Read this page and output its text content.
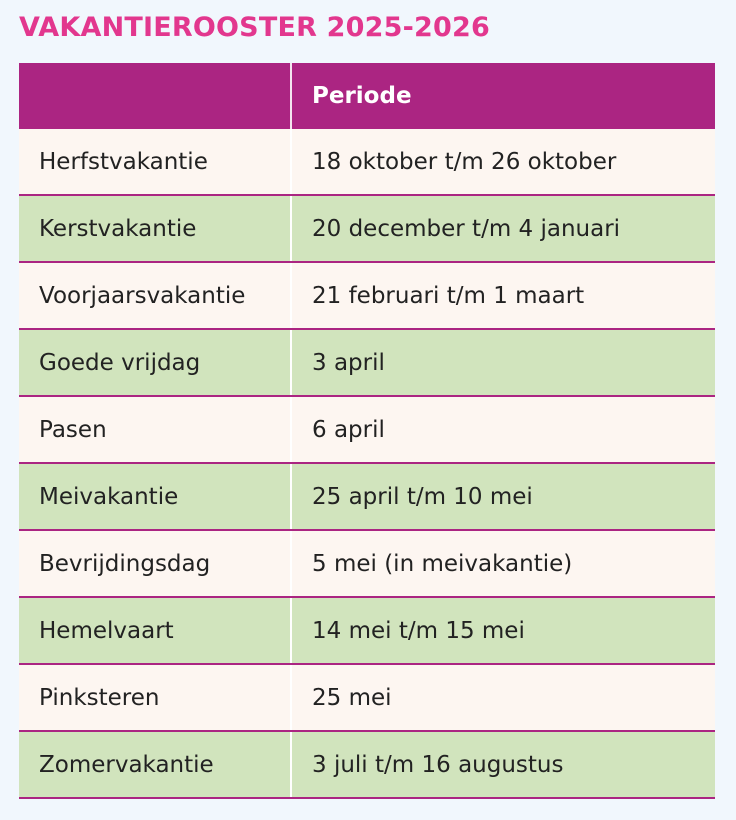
VAKANTIEROOSTER 2025-2026
	Periode
Herfstvakantie	18 oktober t/m 26 oktober
Kerstvakantie	20 december t/m 4 januari
Voorjaarsvakantie	21 februari t/m 1 maart
Goede vrijdag	3 april
Pasen	6 april
Meivakantie	25 april t/m 10 mei
Bevrijdingsdag	5 mei (in meivakantie)
Hemelvaart	14 mei t/m 15 mei
Pinksteren	25 mei
Zomervakantie	3 juli t/m 16 augustus
